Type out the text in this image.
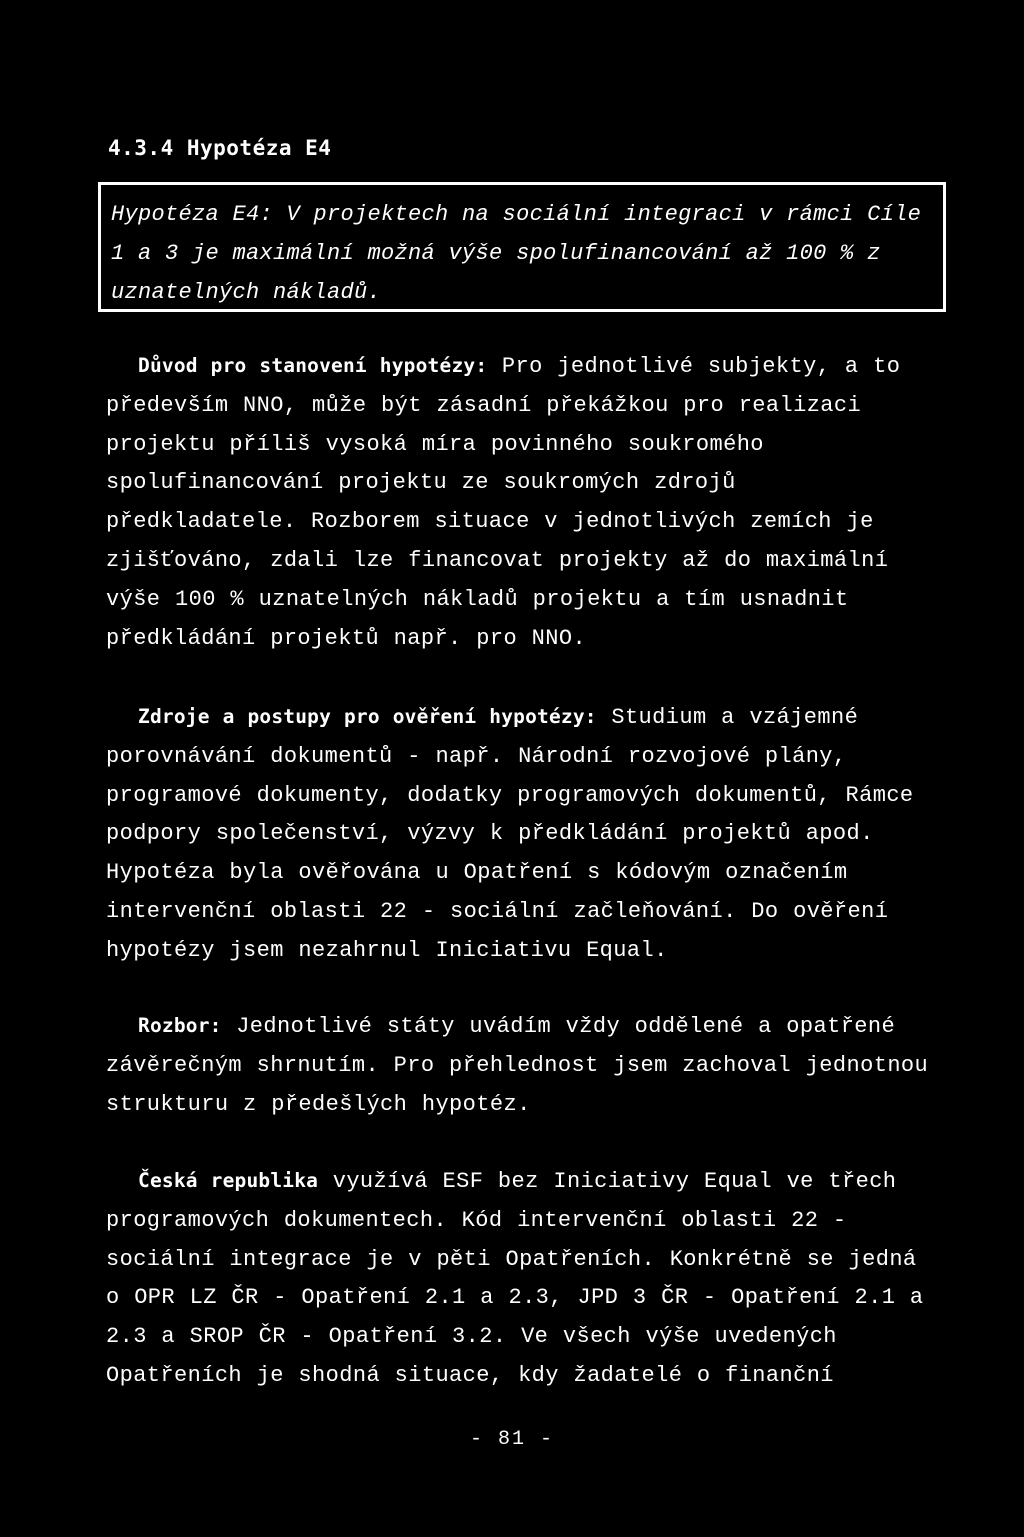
4.3.4 Hypotéza E4

Hypotéza E4: V projektech na sociální integraci v rámci Cíle 1 a 3 je maximální možná výše spolufinancování až 100 % z uznatelných nákladů.

Důvod pro stanovení hypotézy: Pro jednotlivé subjekty, a to především NNO, může být zásadní překážkou pro realizaci projektu příliš vysoká míra povinného soukromého spolufinancování projektu ze soukromých zdrojů předkladatele. Rozborem situace v jednotlivých zemích je zjišťováno, zdali lze financovat projekty až do maximální výše 100 % uznatelných nákladů projektu a tím usnadnit předkládání projektů např. pro NNO.

Zdroje a postupy pro ověření hypotézy: Studium a vzájemné porovnávání dokumentů - např. Národní rozvojové plány, programové dokumenty, dodatky programových dokumentů, Rámce podpory společenství, výzvy k předkládání projektů apod. Hypotéza byla ověřována u Opatření s kódovým označením intervenční oblasti 22 - sociální začleňování. Do ověření hypotézy jsem nezahrnul Iniciativu Equal.

Rozbor: Jednotlivé státy uvádím vždy oddělené a opatřené závěrečným shrnutím. Pro přehlednost jsem zachoval jednotnou strukturu z předešlých hypotéz.

Česká republika využívá ESF bez Iniciativy Equal ve třech programových dokumentech. Kód intervenční oblasti 22 - sociální integrace je v pěti Opatřeních. Konkrétně se jedná o OPR LZ ČR - Opatření 2.1 a 2.3, JPD 3 ČR - Opatření 2.1 a 2.3 a SROP ČR - Opatření 3.2. Ve všech výše uvedených Opatřeních je shodná situace, kdy žadatelé o finanční

- 81 -
